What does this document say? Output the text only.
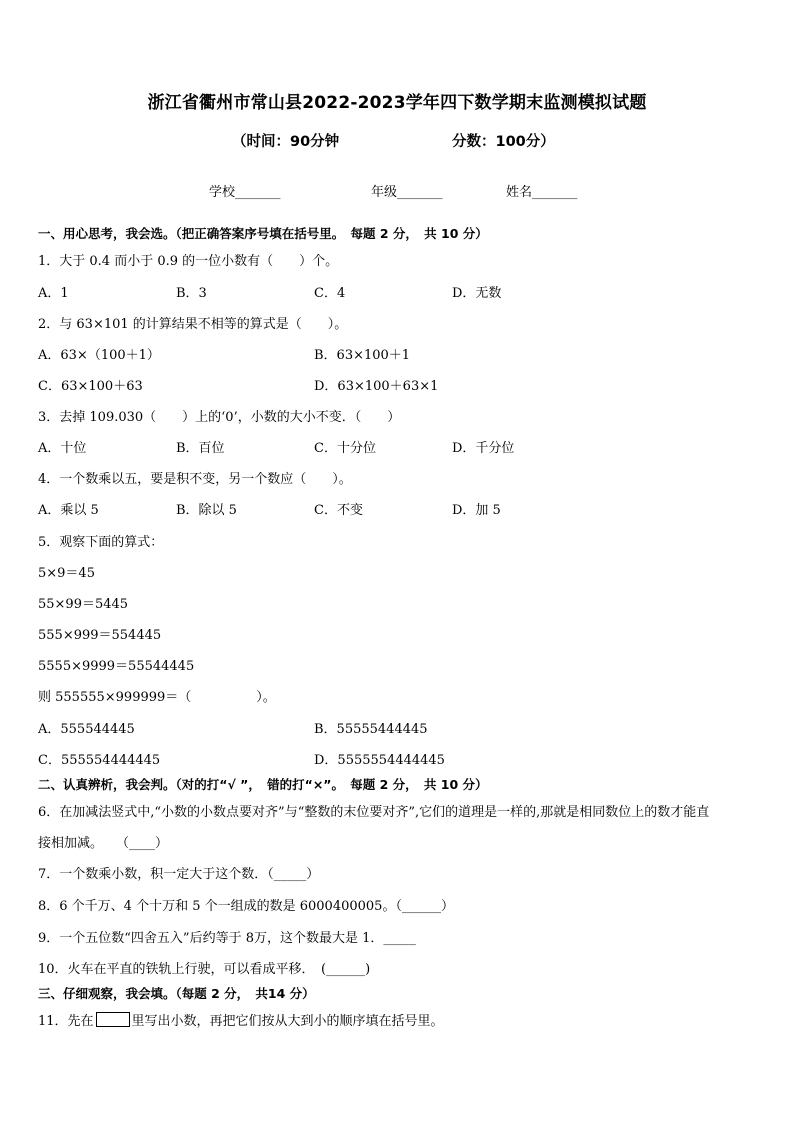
浙江省衢州市常山县2022-2023学年四下数学期末监测模拟试题
（时间：90分钟	分数：100分）
学校_______	年级_______	姓名_______
一、用心思考，我会选。（把正确答案序号填在括号里。　每题 2 分，　共 10 分）
1．大于 0.4 而小于 0.9 的一位小数有（　　）个。
A．1	B．3	C．4	D．无数
2．与 63×101 的计算结果不相等的算式是（　　）。
A．63×（100＋1）	B．63×100＋1
C．63×100＋63	D．63×100＋63×1
3．去掉 109.030（　　）上的‘0’，小数的大小不变．（　　）
A．十位	B．百位	C．十分位	D．千分位
4．一个数乘以五，要是积不变，另一个数应（　　）。
A．乘以 5	B．除以 5	C．不变	D．加 5
5．观察下面的算式：
5×9＝45
55×99＝5445
555×999＝554445
5555×9999＝55544445
则 555555×999999＝（　　　　　）。
A．555544445	B．55555444445
C．555554444445	D．5555554444445
二、认真辨析，我会判。（对的打“√ ”，　错的打“×”。　每题 2 分，　共 10 分）
6．在加减法竖式中,“小数的小数点要对齐”与“整数的末位要对齐”,它们的道理是一样的,那就是相同数位上的数才能直
接相加减。　　（____）
7．一个数乘小数，积一定大于这个数．（_____）
8．6 个千万、4 个十万和 5 个一组成的数是 6000400005。（______）
9．一个五位数“四舍五入”后约等于 8万，这个数最大是 1．_____
10．火车在平直的铁轨上行驶，可以看成平移．　(______)
三、仔细观察，我会填。（每题 2 分，　共14 分）
11．先在	里写出小数，再把它们按从大到小的顺序填在括号里。
